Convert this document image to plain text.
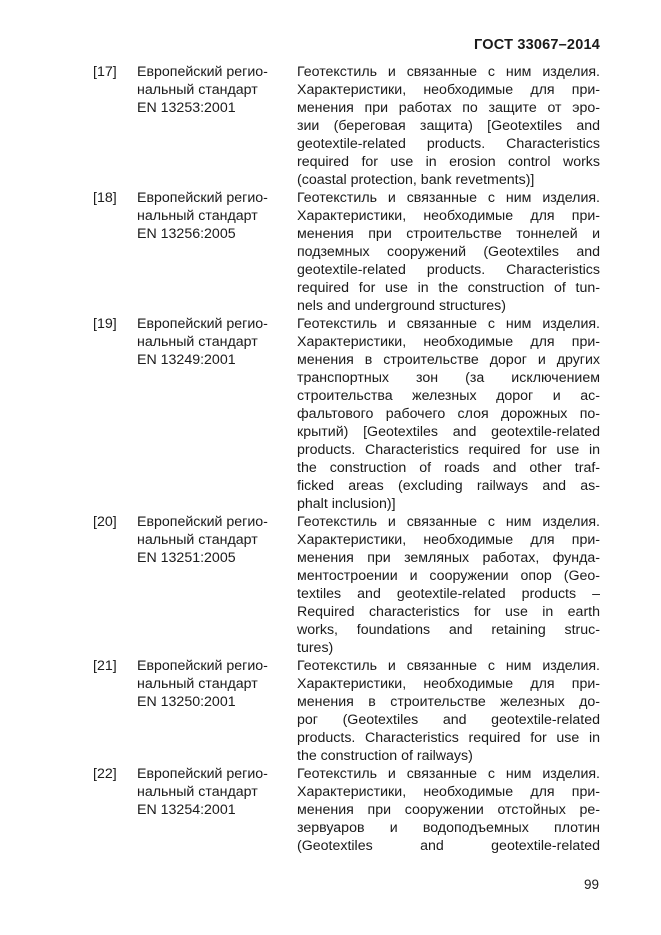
ГОСТ 33067–2014
[17]	Европейский регио-
нальный стандарт
EN 13253:2001
Геотекстиль и связанные с ним изделия.
Характеристики, необходимые для при-
менения при работах по защите от эро-
зии (береговая защита) [Geotextiles and
geotextile-related products. Characteristics
required for use in erosion control works
(coastal protection, bank revetments)]
[18]	Европейский регио-
нальный стандарт
EN 13256:2005
Геотекстиль и связанные с ним изделия.
Характеристики, необходимые для при-
менения при строительстве тоннелей и
подземных сооружений (Geotextiles and
geotextile-related products. Characteristics
required for use in the construction of tun-
nels and underground structures)
[19]	Европейский регио-
нальный стандарт
EN 13249:2001
Геотекстиль и связанные с ним изделия.
Характеристики, необходимые для при-
менения в строительстве дорог и других
транспортных зон (за исключением
строительства железных дорог и ас-
фальтового рабочего слоя дорожных по-
крытий) [Geotextiles and geotextile-related
products. Characteristics required for use in
the construction of roads and other traf-
ficked areas (excluding railways and as-
phalt inclusion)]
[20]	Европейский регио-
нальный стандарт
EN 13251:2005
Геотекстиль и связанные с ним изделия.
Характеристики, необходимые для при-
менения при земляных работах, фунда-
ментостроении и сооружении опор (Geo-
textiles and geotextile-related products –
Required characteristics for use in earth
works, foundations and retaining struc-
tures)
[21]	Европейский регио-
нальный стандарт
EN 13250:2001
Геотекстиль и связанные с ним изделия.
Характеристики, необходимые для при-
менения в строительстве железных до-
рог (Geotextiles and geotextile-related
products. Characteristics required for use in
the construction of railways)
[22]	Европейский регио-
нальный стандарт
EN 13254:2001
Геотекстиль и связанные с ним изделия.
Характеристики, необходимые для при-
менения при сооружении отстойных ре-
зервуаров и водоподъемных плотин
(Geotextiles and geotextile-related
99
